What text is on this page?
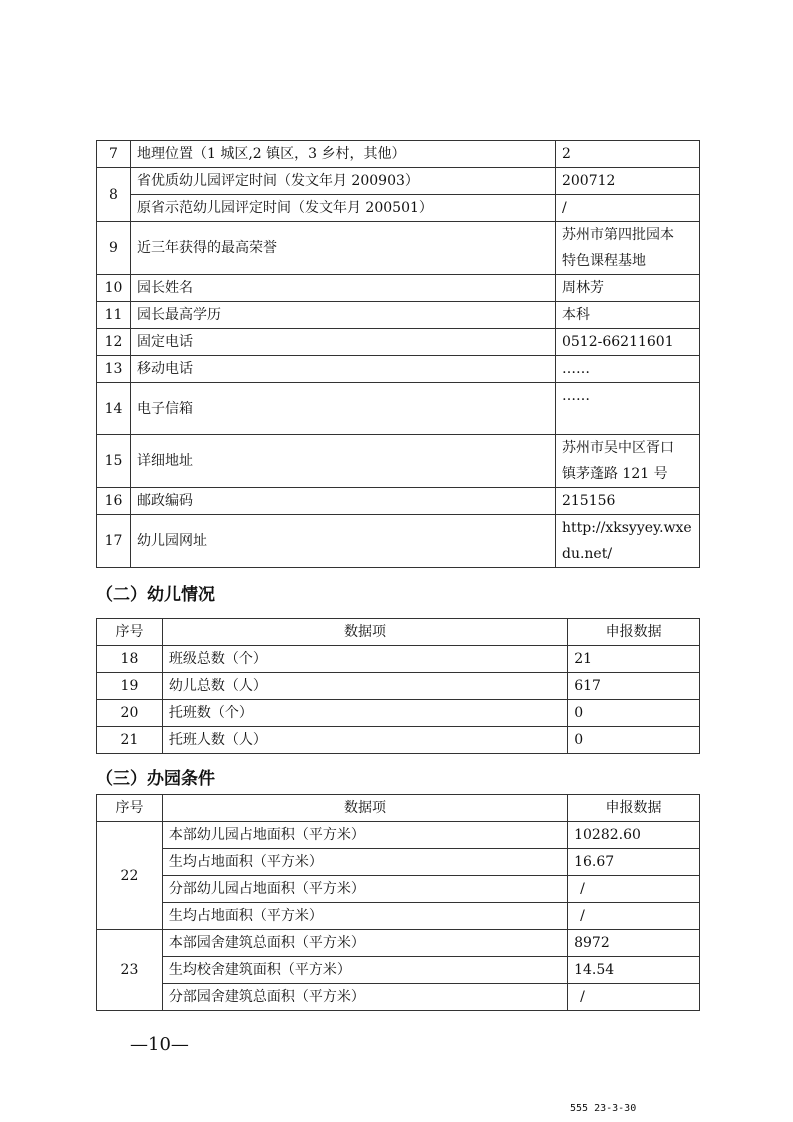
7	地理位置（1 城区,2 镇区，3 乡村，其他）	2
8	省优质幼儿园评定时间（发文年月 200903）	200712
	原省示范幼儿园评定时间（发文年月 200501）	/
9	近三年获得的最高荣誉	苏州市第四批园本
特色课程基地

10	园长姓名	周林芳
11	园长最高学历	本科
12	固定电话	0512-66211601
13	移动电话	……
14	电子信箱	……
15	详细地址	苏州市吴中区胥口
镇茅蓬路 121 号

16	邮政编码	215156
17	幼儿园网址	http://xksyyey.wxe
du.net/
（二）幼儿情况
序号	数据项	申报数据
18	班级总数（个）	21
19	幼儿总数（人）	617
20	托班数（个）	0
21	托班人数（人）	0
（三）办园条件
序号	数据项	申报数据
22	本部幼儿园占地面积（平方米）	10282.60
	生均占地面积（平方米）	16.67
	分部幼儿园占地面积（平方米）	/
	生均占地面积（平方米）	/
23	本部园舍建筑总面积（平方米）	8972
	生均校舍建筑面积（平方米）	14.54
	分部园舍建筑总面积（平方米）	/
—10—
555 23-3-30
